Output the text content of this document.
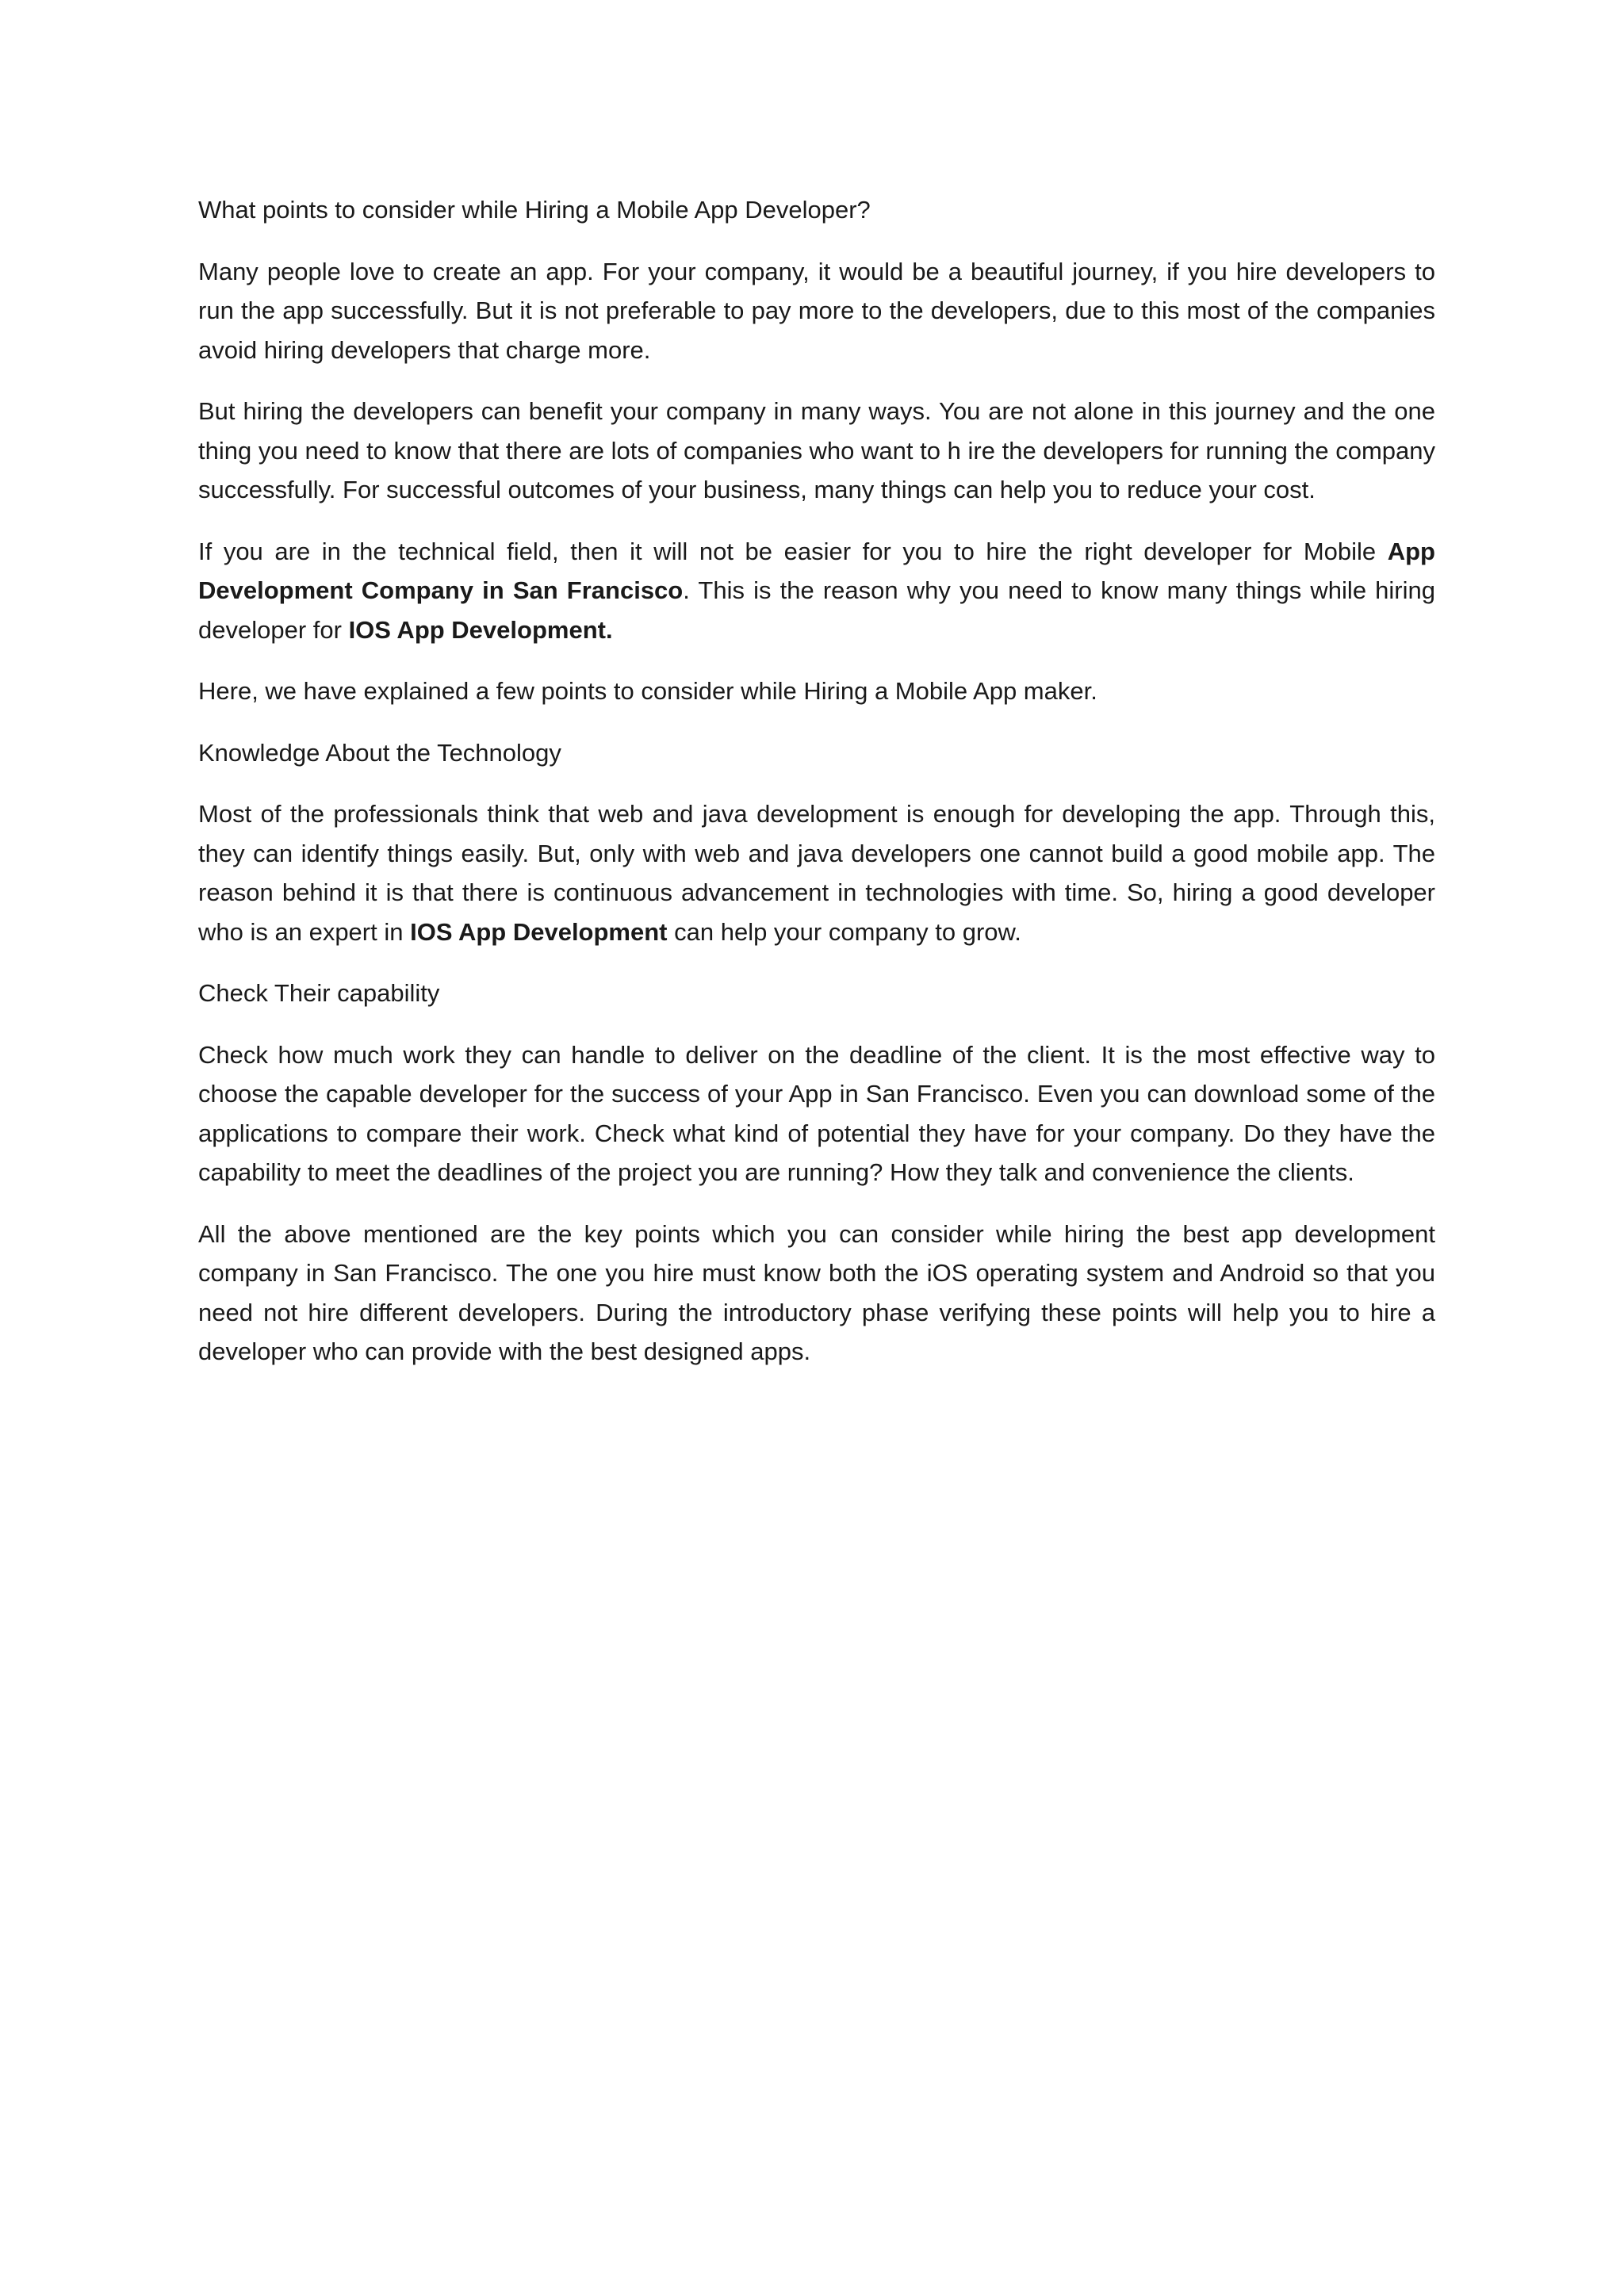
What points to consider while Hiring a Mobile App Developer?

Many people love to create an app. For your company, it would be a beautiful journey, if you hire developers to run the app successfully. But it is not preferable to pay more to the developers, due to this most of the companies avoid hiring developers that charge more.

But hiring the developers can benefit your company in many ways. You are not alone in this journey and the one thing you need to know that there are lots of companies who want to h ire the developers for running the company successfully. For successful outcomes of your business, many things can help you to reduce your cost.

If you are in the technical field, then it will not be easier for you to hire the right developer for Mobile App Development Company in San Francisco. This is the reason why you need to know many things while hiring developer for IOS App Development.

Here, we have explained a few points to consider while Hiring a Mobile App maker.

Knowledge About the Technology

Most of the professionals think that web and java development is enough for developing the app. Through this, they can identify things easily. But, only with web and java developers one cannot build a good mobile app. The reason behind it is that there is continuous advancement in technologies with time. So, hiring a good developer who is an expert in IOS App Development can help your company to grow.

Check Their capability

Check how much work they can handle to deliver on the deadline of the client. It is the most effective way to choose the capable developer for the success of your App in San Francisco. Even you can download some of the applications to compare their work. Check what kind of potential they have for your company. Do they have the capability to meet the deadlines of the project you are running? How they talk and convenience the clients.

All the above mentioned are the key points which you can consider while hiring the best app development company in San Francisco. The one you hire must know both the iOS operating system and Android so that you need not hire different developers. During the introductory phase verifying these points will help you to hire a developer who can provide with the best designed apps.
